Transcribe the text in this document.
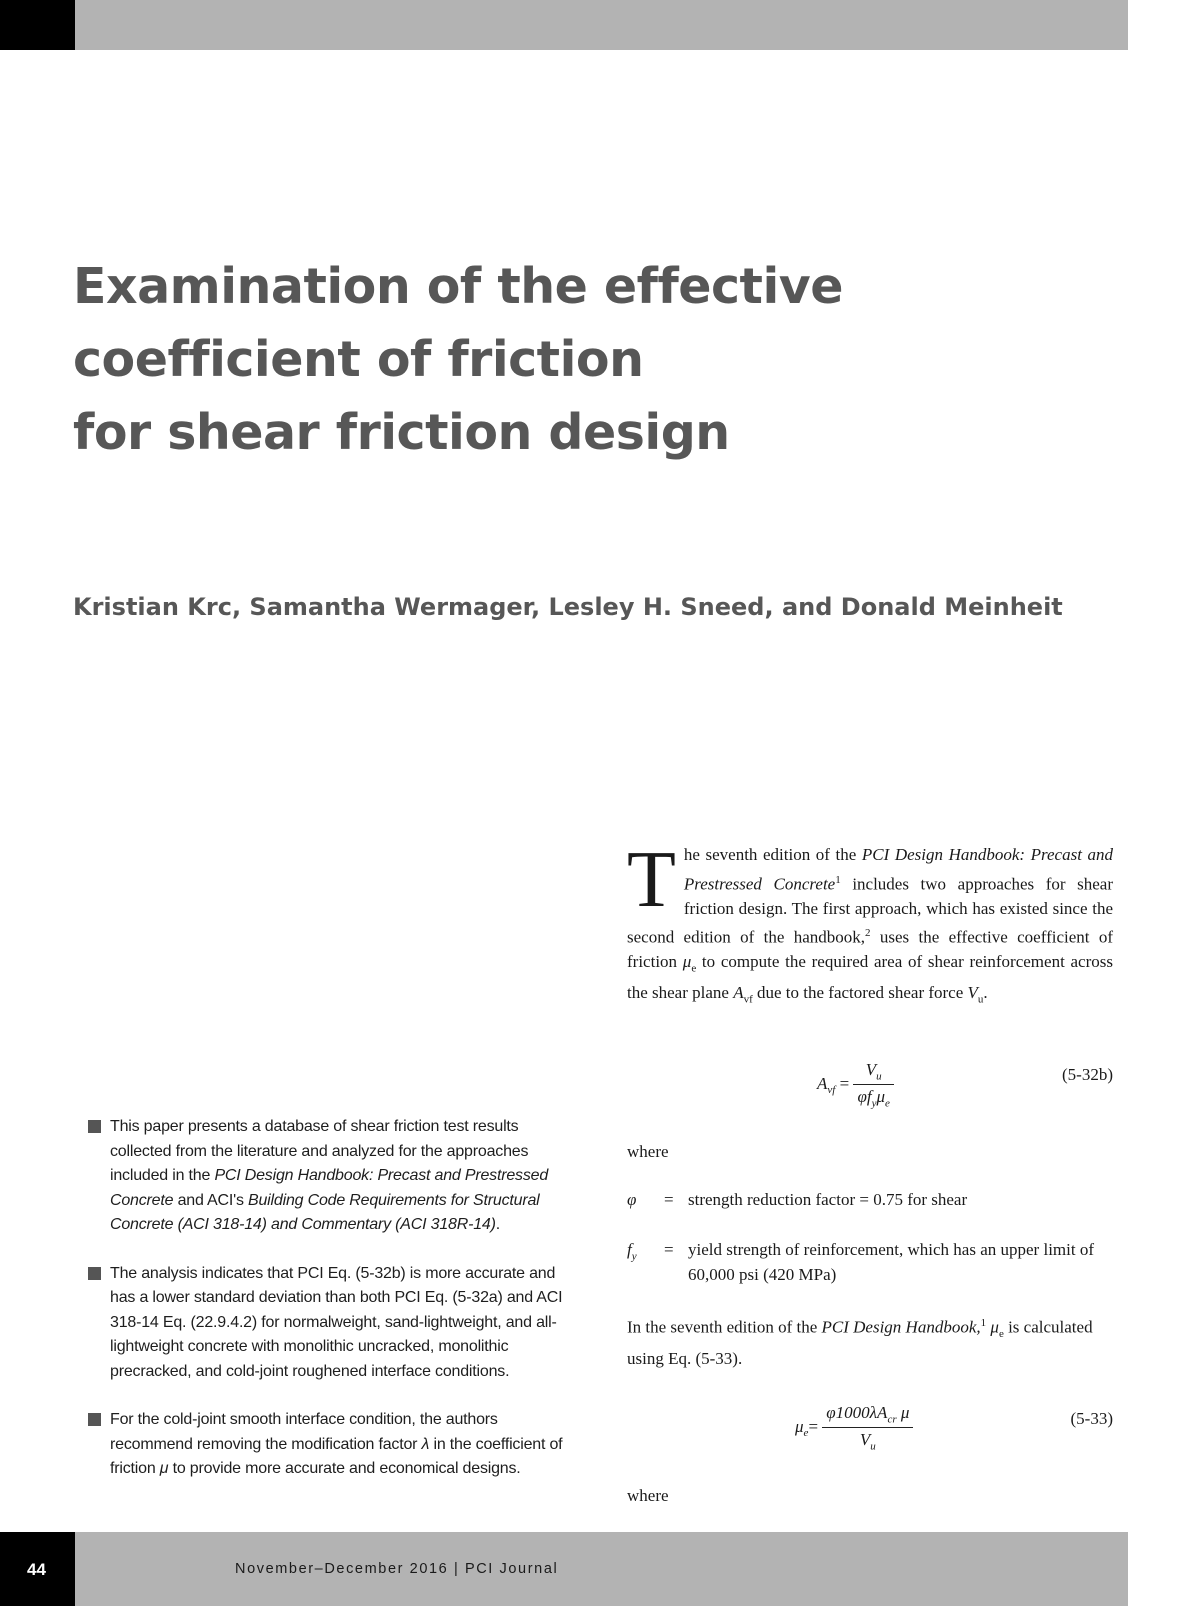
Examination of the effective
coefficient of friction
for shear friction design

Kristian Krc, Samantha Wermager, Lesley H. Sneed, and Donald Meinheit

This paper presents a database of shear friction test results collected from the literature and analyzed for the approaches included in the PCI Design Handbook: Precast and Prestressed Concrete and ACI's Building Code Requirements for Structural Concrete (ACI 318-14) and Commentary (ACI 318R-14).
The analysis indicates that PCI Eq. (5-32b) is more accurate and has a lower standard deviation than both PCI Eq. (5-32a) and ACI 318-14 Eq. (22.9.4.2) for normalweight, sand-lightweight, and all-lightweight concrete with monolithic uncracked, monolithic precracked, and cold-joint roughened interface conditions.
For the cold-joint smooth interface condition, the authors recommend removing the modification factor λ in the coefficient of friction μ to provide more accurate and economical designs.
The seventh edition of the PCI Design Handbook: Precast and Prestressed Concrete$^1$ includes two approaches for shear friction design. The first approach, which has existed since the second edition of the handbook,$^2$ uses the effective coefficient of friction $\mu_e$ to compute the required area of shear reinforcement across the shear plane $A_{vf}$ due to the factored shear force $V_u$.
$A_{vf} = \frac{V_u}{\varphi f_y\mu_e}$	(5-32b)
where
φ = strength reduction factor = 0.75 for shear
$f_y$ = yield strength of reinforcement, which has an upper limit of 60,000 psi (420 MPa)
In the seventh edition of the PCI Design Handbook,$^1$ $\mu_e$ is calculated using Eq. (5-33).
$\mu_e= \frac{\varphi 1000\lambda A_{cr} \mu}{V_u}$	(5-33)
where
44	November–December 2016 | PCI Journal
